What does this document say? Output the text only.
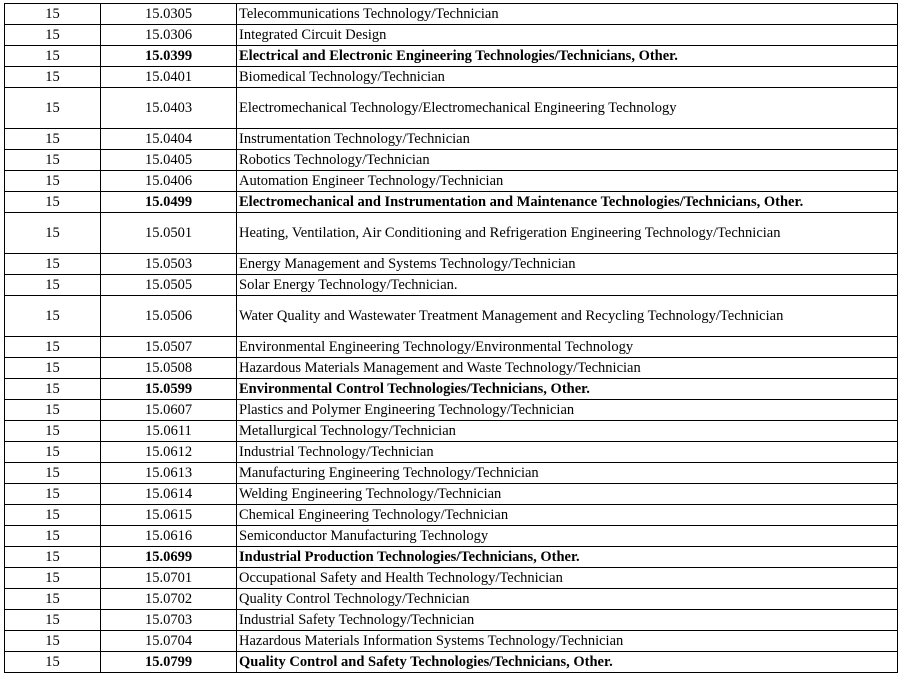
15	15.0305	Telecommunications Technology/Technician
15	15.0306	Integrated Circuit Design
15	15.0399	Electrical and Electronic Engineering Technologies/Technicians, Other.
15	15.0401	Biomedical Technology/Technician
15	15.0403	Electromechanical Technology/Electromechanical Engineering Technology
15	15.0404	Instrumentation Technology/Technician
15	15.0405	Robotics Technology/Technician
15	15.0406	Automation Engineer Technology/Technician
15	15.0499	Electromechanical and Instrumentation and Maintenance Technologies/Technicians, Other.
15	15.0501	Heating, Ventilation, Air Conditioning and Refrigeration Engineering Technology/Technician
15	15.0503	Energy Management and Systems Technology/Technician
15	15.0505	Solar Energy Technology/Technician.
15	15.0506	Water Quality and Wastewater Treatment Management and Recycling Technology/Technician
15	15.0507	Environmental Engineering Technology/Environmental Technology
15	15.0508	Hazardous Materials Management and Waste Technology/Technician
15	15.0599	Environmental Control Technologies/Technicians, Other.
15	15.0607	Plastics and Polymer Engineering Technology/Technician
15	15.0611	Metallurgical Technology/Technician
15	15.0612	Industrial Technology/Technician
15	15.0613	Manufacturing Engineering Technology/Technician
15	15.0614	Welding Engineering Technology/Technician
15	15.0615	Chemical Engineering Technology/Technician
15	15.0616	Semiconductor Manufacturing Technology
15	15.0699	Industrial Production Technologies/Technicians, Other.
15	15.0701	Occupational Safety and Health Technology/Technician
15	15.0702	Quality Control Technology/Technician
15	15.0703	Industrial Safety Technology/Technician
15	15.0704	Hazardous Materials Information Systems Technology/Technician
15	15.0799	Quality Control and Safety Technologies/Technicians, Other.
